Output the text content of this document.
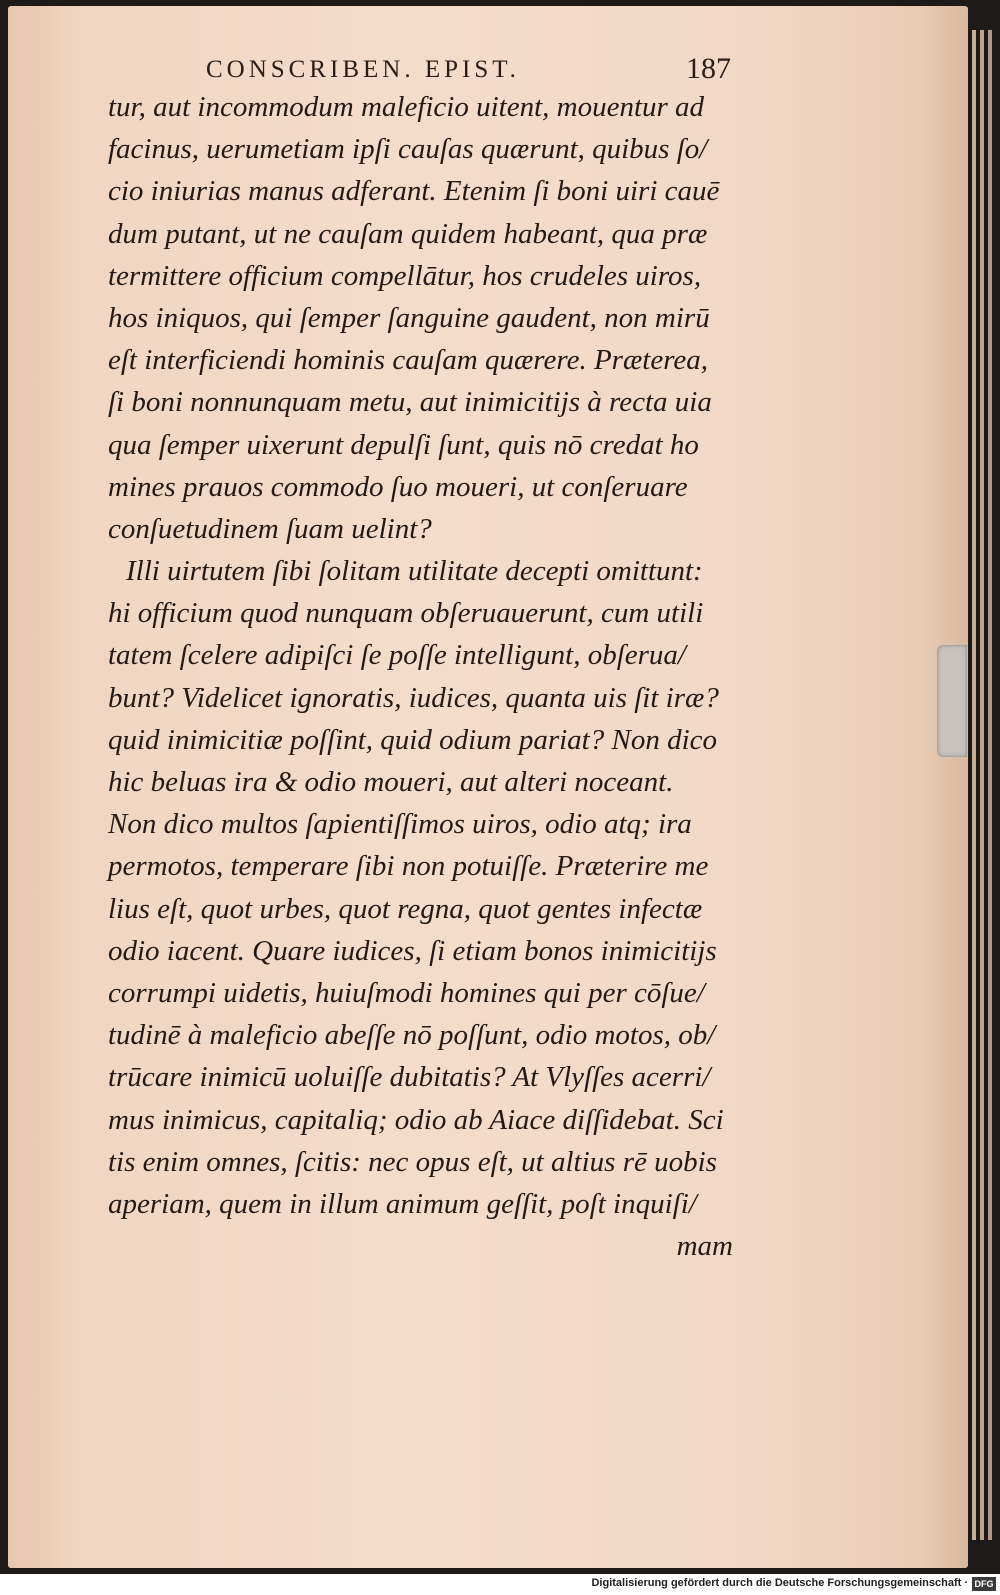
CONSCRIBEN. EPIST.	187
tur, aut incommodum maleficio uitent, mouentur ad
facinus, uerumetiam ipſi cauſas quærunt, quibus ſo/
cio iniurias manus adferant. Etenim ſi boni uiri cauē
dum putant, ut ne cauſam quidem habeant, qua præ
termittere officium compellātur, hos crudeles uiros,
hos iniquos, qui ſemper ſanguine gaudent, non mirū
eſt interficiendi hominis cauſam quærere. Præterea,
ſi boni nonnunquam metu, aut inimicitijs à recta uia
qua ſemper uixerunt depulſi ſunt, quis nō credat ho
mines prauos commodo ſuo moueri, ut conſeruare
conſuetudinem ſuam uelint?
Illi uirtutem ſibi ſolitam utilitate decepti omittunt:
hi officium quod nunquam obſeruauerunt, cum utili
tatem ſcelere adipiſci ſe poſſe intelligunt, obſerua/
bunt? Videlicet ignoratis, iudices, quanta uis ſit iræ?
quid inimicitiæ poſſint, quid odium pariat? Non dico
hic beluas ira & odio moueri, aut alteri noceant.
Non dico multos ſapientiſſimos uiros, odio atq; ira
permotos, temperare ſibi non potuiſſe. Præterire me
lius eſt, quot urbes, quot regna, quot gentes infectæ
odio iacent. Quare iudices, ſi etiam bonos inimicitijs
corrumpi uidetis, huiuſmodi homines qui per cōſue/
tudinē à maleficio abeſſe nō poſſunt, odio motos, ob/
trūcare inimicū uoluiſſe dubitatis? At Vlyſſes acerri/
mus inimicus, capitaliq; odio ab Aiace diſſidebat. Sci
tis enim omnes, ſcitis: nec opus eſt, ut altius rē uobis
aperiam, quem in illum animum geſſit, poſt inquiſi/
mam
Digitalisierung gefördert durch die Deutsche Forschungsgemeinschaft · DFG
